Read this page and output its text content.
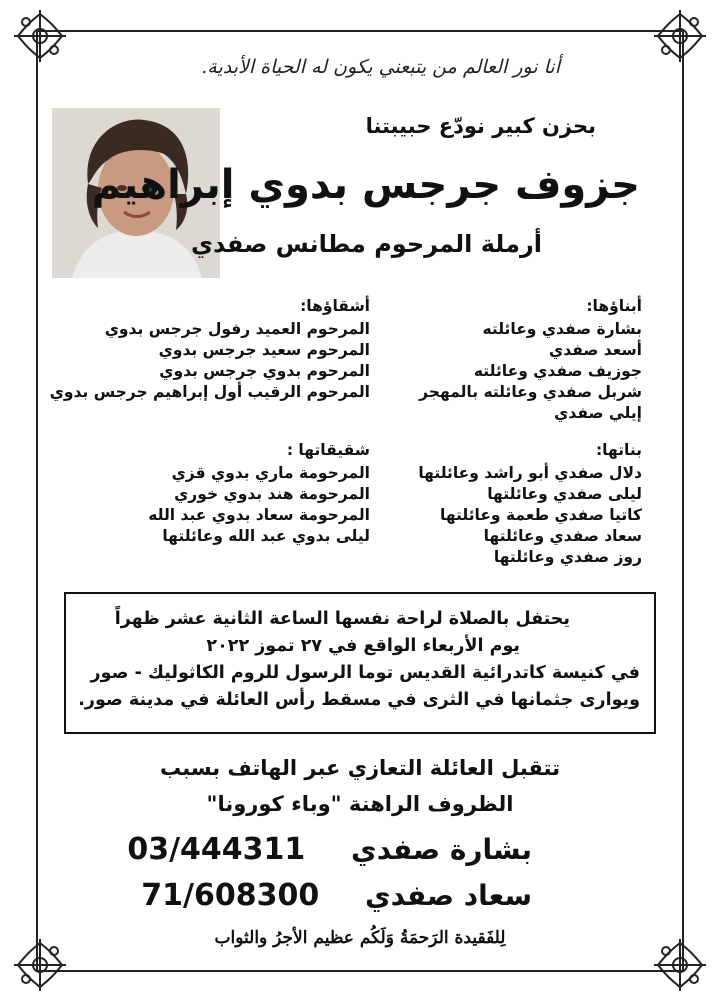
أنا نور العالم من يتبعني يكون له الحياة الأبدية.
بحزن كبير نودّع حبيبتنا
جزوف جرجس بدوي إبراهيم
أرملة المرحوم مطانس صفدي
أبناؤها:
بشارة صفدي وعائلته
أسعد صفدي
جوزيف صفدي وعائلته
شربل صفدي وعائلته بالمهجر
إيلي صفدي
أشقاؤها:
المرحوم العميد رفول جرجس بدوي
المرحوم سعيد جرجس بدوي
المرحوم بدوي جرجس بدوي
المرحوم الرقيب أول إبراهيم جرجس بدوي
بناتها:
دلال صفدي أبو راشد وعائلتها
ليلى صفدي وعائلتها
كاتيا صفدي طعمة وعائلتها
سعاد صفدي وعائلتها
روز صفدي وعائلتها
شقيقاتها :
المرحومة ماري بدوي قزي
المرحومة هند بدوي خوري
المرحومة سعاد بدوي عبد الله
ليلى بدوي عبد الله وعائلتها
يحتفل بالصلاة لراحة نفسها الساعة الثانية عشر ظهراً
يوم الأربعاء الواقع في ٢٧ تموز ٢٠٢٢
في كنيسة كاتدرائية القديس توما الرسول للروم الكاثوليك - صور
ويوارى جثمانها في الثرى في مسقط رأس العائلة في مدينة صور.
تتقبل العائلة التعازي عبر الهاتف بسبب
الظروف الراهنة "وباء كورونا"
بشارة صفدي 03/444311
سعاد صفدي 71/608300
لِلفَقيدة الرَحمَةُ وَلَكُم عظيم الأجرُ والثواب
